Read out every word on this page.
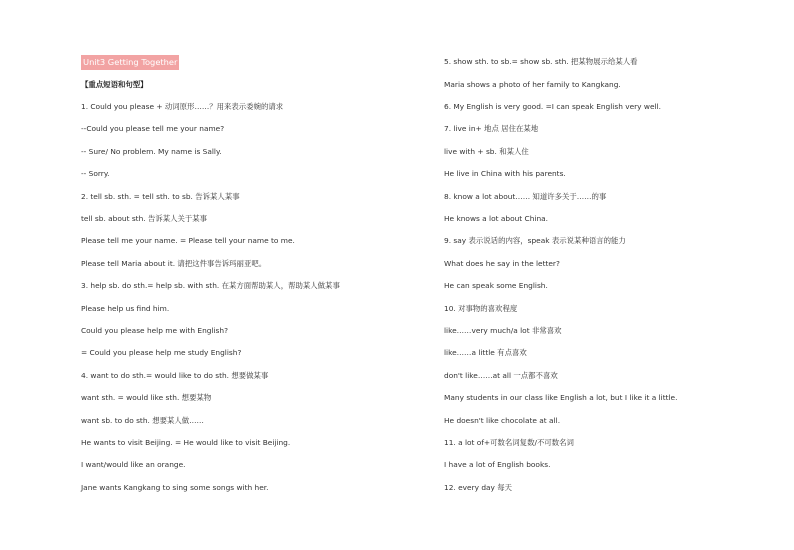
Unit3 Getting Together
【重点短语和句型】
1. Could you please + 动词原形……？用来表示委婉的请求
--Could you please tell me your name?
-- Sure/ No problem. My name is Sally.
-- Sorry.
2. tell sb. sth. = tell sth. to sb. 告诉某人某事
tell sb. about sth. 告诉某人关于某事
Please tell me your name. = Please tell your name to me.
Please tell Maria about it. 请把这件事告诉玛丽亚吧。
3. help sb. do sth.= help sb. with sth. 在某方面帮助某人，帮助某人做某事
Please help us find him.
Could you please help me with English?
= Could you please help me study English?
4. want to do sth.= would like to do sth. 想要做某事
want sth. = would like sth. 想要某物
want sb. to do sth. 想要某人做……
He wants to visit Beijing. = He would like to visit Beijing.
I want/would like an orange.
Jane wants Kangkang to sing some songs with her.
5. show sth. to sb.= show sb. sth. 把某物展示给某人看
Maria shows a photo of her family to Kangkang.
6. My English is very good. =I can speak English very well.
7. live in+ 地点 居住在某地
live with + sb. 和某人住
He live in China with his parents.
8. know a lot about…… 知道许多关于……的事
He knows a lot about China.
9. say 表示说话的内容，speak 表示说某种语言的能力
What does he say in the letter?
He can speak some English.
10. 对事物的喜欢程度
like……very much/a lot 非常喜欢
like……a little 有点喜欢
don't like……at all 一点都不喜欢
Many students in our class like English a lot, but I like it a little.
He doesn't like chocolate at all.
11. a lot of+可数名词复数/不可数名词
I have a lot of English books.
12. every day 每天
